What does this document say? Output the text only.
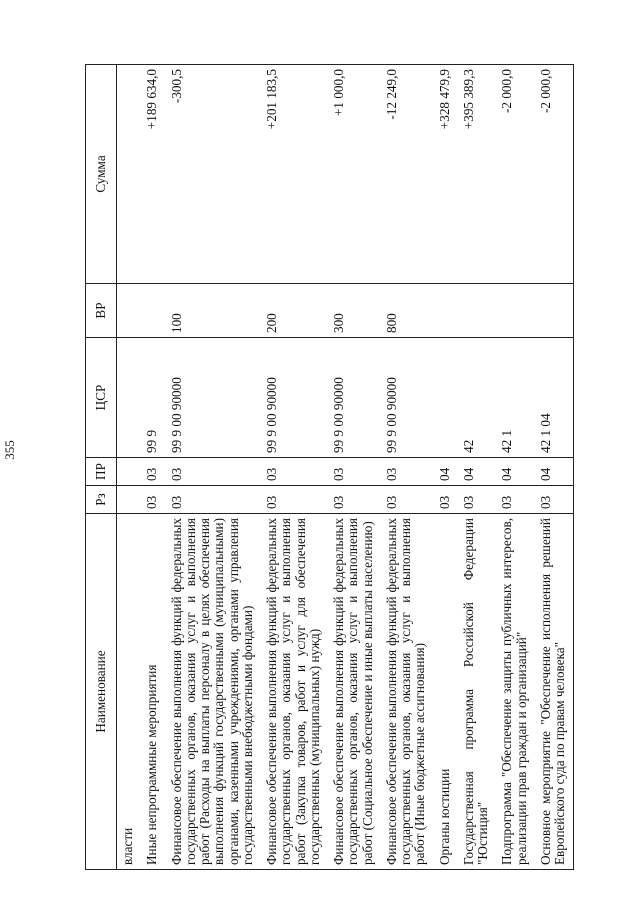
355
Наименование	Рз	ПР	ЦСР	ВР	Сумма
власти					
Иные непрограммные мероприятия	03	03	99 9		+189 634,0
Финансовое обеспечение выполнения функций федеральных государственных органов, оказания услуг и выполнения работ (Расходы на выплаты персоналу в целях обеспечения выполнения функций государственными (муниципальными) органами, казенными учреждениями, органами управления государственными внебюджетными фондами)	03	03	99 9 00 90000	100	-300,5
Финансовое обеспечение выполнения функций федеральных государственных органов, оказания услуг и выполнения работ (Закупка товаров, работ и услуг для обеспечения государственных (муниципальных) нужд)	03	03	99 9 00 90000	200	+201 183,5
Финансовое обеспечение выполнения функций федеральных государственных органов, оказания услуг и выполнения работ (Социальное обеспечение и иные выплаты населению)	03	03	99 9 00 90000	300	+1 000,0
Финансовое обеспечение выполнения функций федеральных государственных органов, оказания услуг и выполнения работ (Иные бюджетные ассигнования)	03	03	99 9 00 90000	800	-12 249,0
Органы юстиции	03	04			+328 479,9
Государственная программа Российской Федерации "Юстиция"	03	04	42		+395 389,3
Подпрограмма "Обеспечение защиты публичных интересов, реализации прав граждан и организаций"	03	04	42 1		-2 000,0
Основное мероприятие "Обеспечение исполнения решений Европейского суда по правам человека"	03	04	42 1 04		-2 000,0
